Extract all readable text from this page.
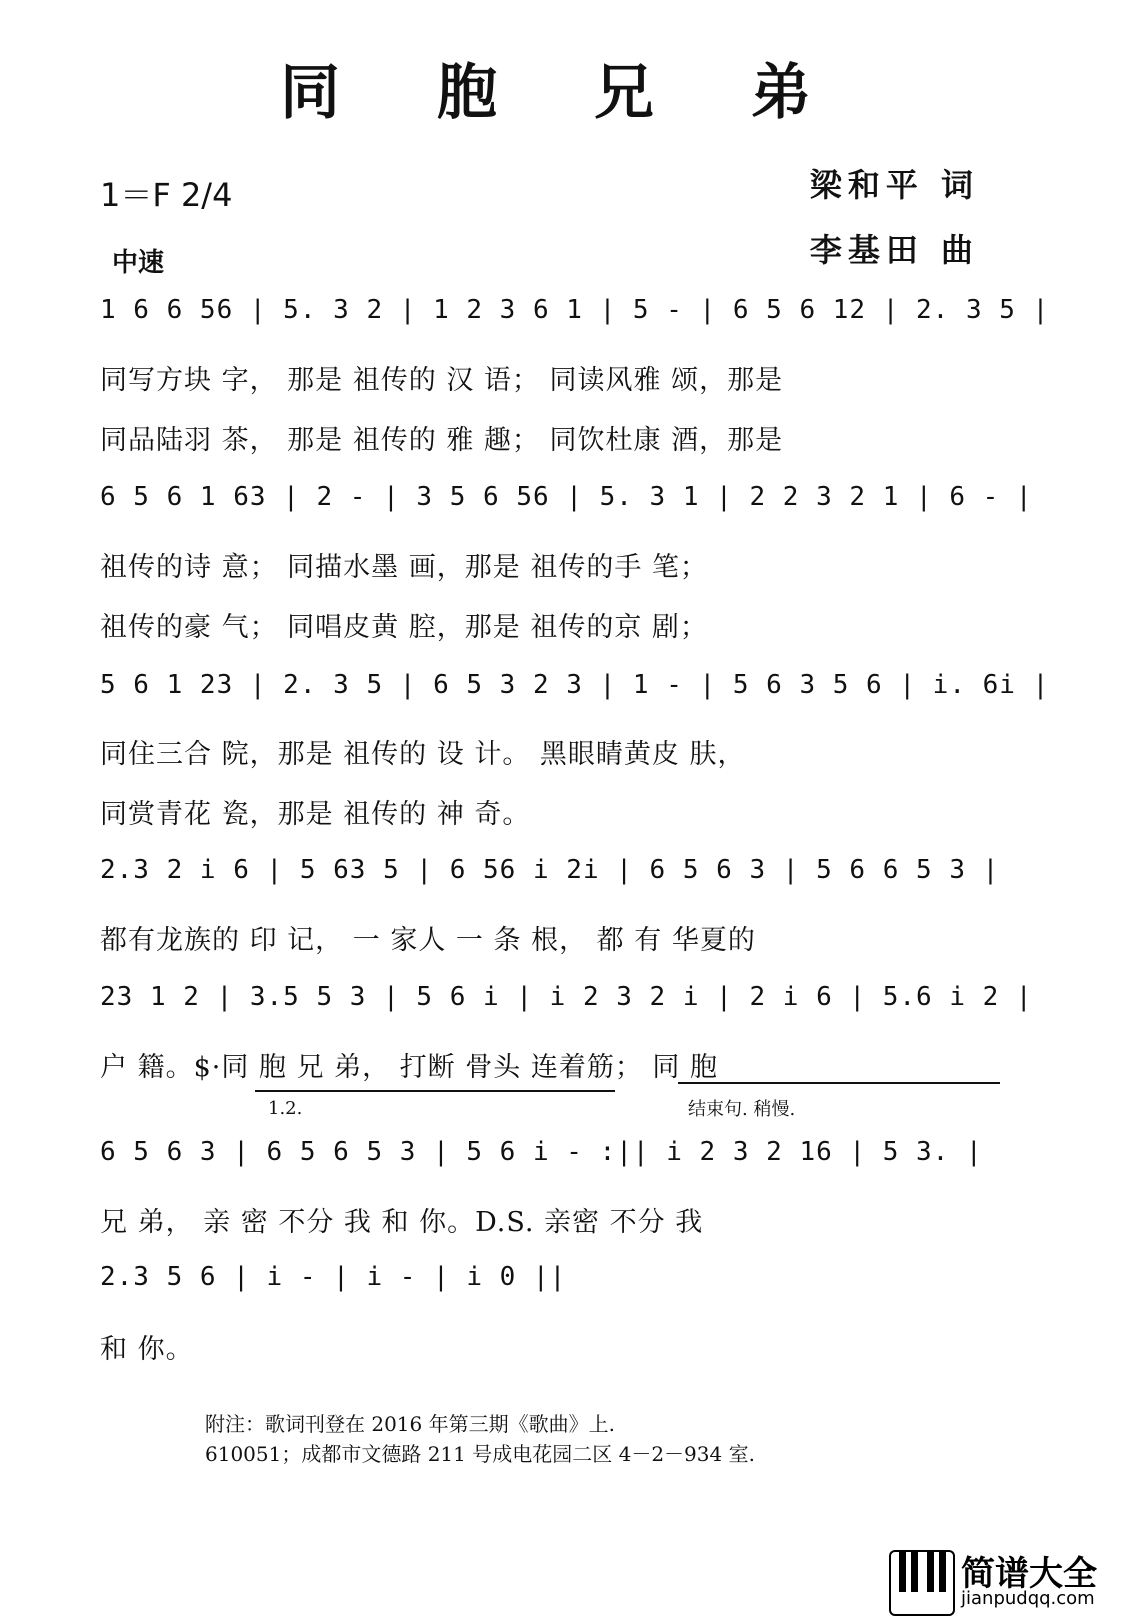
同 胞 兄 弟
1＝F 2/4
中速
梁和平 词
李基田 曲
1 6 6 56 | 5. 3 2 | 1 2 3 6 1 | 5 - | 6 5 6 12 | 2. 3 5 |
同写方块 字， 那是 祖传的 汉 语； 同读风雅 颂，那是
同品陆羽 茶， 那是 祖传的 雅 趣； 同饮杜康 酒，那是
6 5 6 1 63 | 2 - | 3 5 6 56 | 5. 3 1 | 2 2 3 2 1 | 6 - |
祖传的诗 意； 同描水墨 画，那是 祖传的手 笔；
祖传的豪 气； 同唱皮黄 腔，那是 祖传的京 剧；
5 6 1 23 | 2. 3 5 | 6 5 3 2 3 | 1 - | 5 6 3 5 6 | i. 6i |
同住三合 院，那是 祖传的 设 计。 黑眼睛黄皮 肤，
同赏青花 瓷，那是 祖传的 神 奇。
2.3 2 i 6 | 5 63 5 | 6 56 i 2i | 6 5 6 3 | 5 6 6 5 3 |
都有龙族的 印 记， 一 家人 一 条 根， 都 有 华夏的
23 1 2 | 3.5 5 3 | 5 6 i | i 2 3 2 i | 2 i 6 | 5.6 i 2 |
户 籍。$·同 胞 兄 弟， 打断 骨头 连着筋； 同 胞
1.2.	结束句. 稍慢.
6 5 6 3 | 6 5 6 5 3 | 5 6 i - :|| i 2 3 2 16 | 5 3. |
兄 弟， 亲 密 不分 我 和 你。D.S. 亲密 不分 我
2.3 5 6 | i - | i - | i 0 ||
和 你。
附注：歌词刊登在 2016 年第三期《歌曲》上.
610051；成都市文德路 211 号成电花园二区 4－2－934 室.
简谱大全
jianpudqq.com
